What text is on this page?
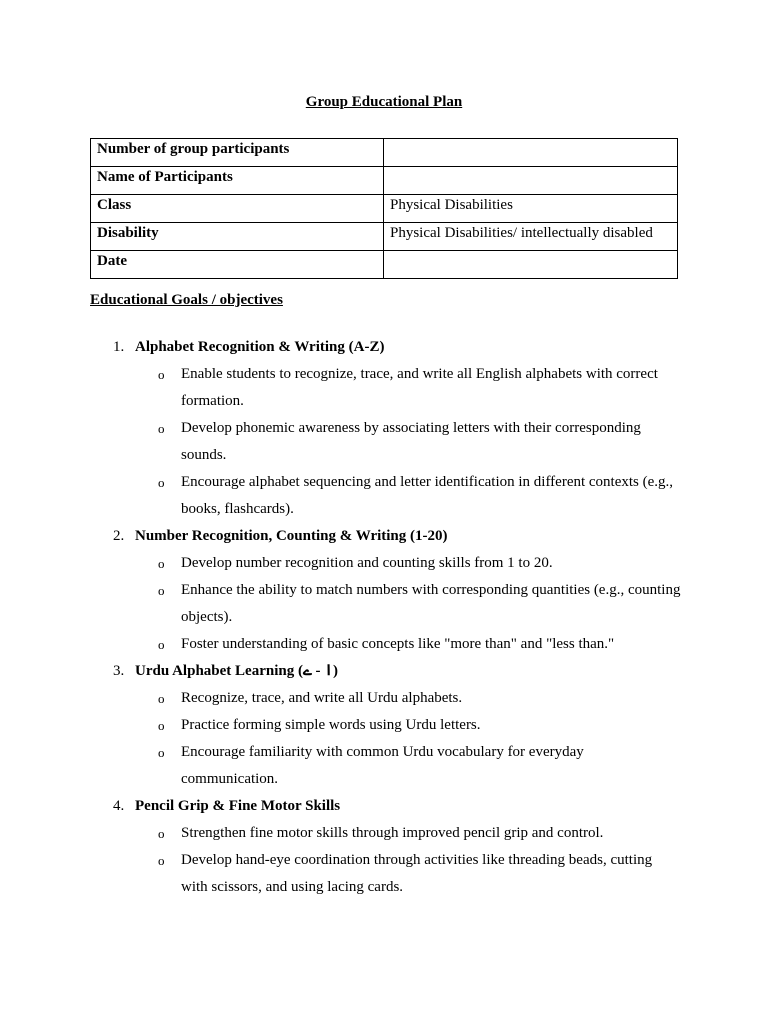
Group Educational Plan
Number of group participants	
Name of Participants	
Class	Physical Disabilities
Disability	Physical Disabilities/ intellectually disabled
Date	
Educational Goals / objectives
1. Alphabet Recognition & Writing (A-Z)
o Enable students to recognize, trace, and write all English alphabets with correct formation.
o Develop phonemic awareness by associating letters with their corresponding sounds.
o Encourage alphabet sequencing and letter identification in different contexts (e.g., books, flashcards).
2. Number Recognition, Counting & Writing (1-20)
o Develop number recognition and counting skills from 1 to 20.
o Enhance the ability to match numbers with corresponding quantities (e.g., counting objects).
o Foster understanding of basic concepts like "more than" and "less than."
3. Urdu Alphabet Learning (ا - ے)
o Recognize, trace, and write all Urdu alphabets.
o Practice forming simple words using Urdu letters.
o Encourage familiarity with common Urdu vocabulary for everyday communication.
4. Pencil Grip & Fine Motor Skills
o Strengthen fine motor skills through improved pencil grip and control.
o Develop hand-eye coordination through activities like threading beads, cutting with scissors, and using lacing cards.
